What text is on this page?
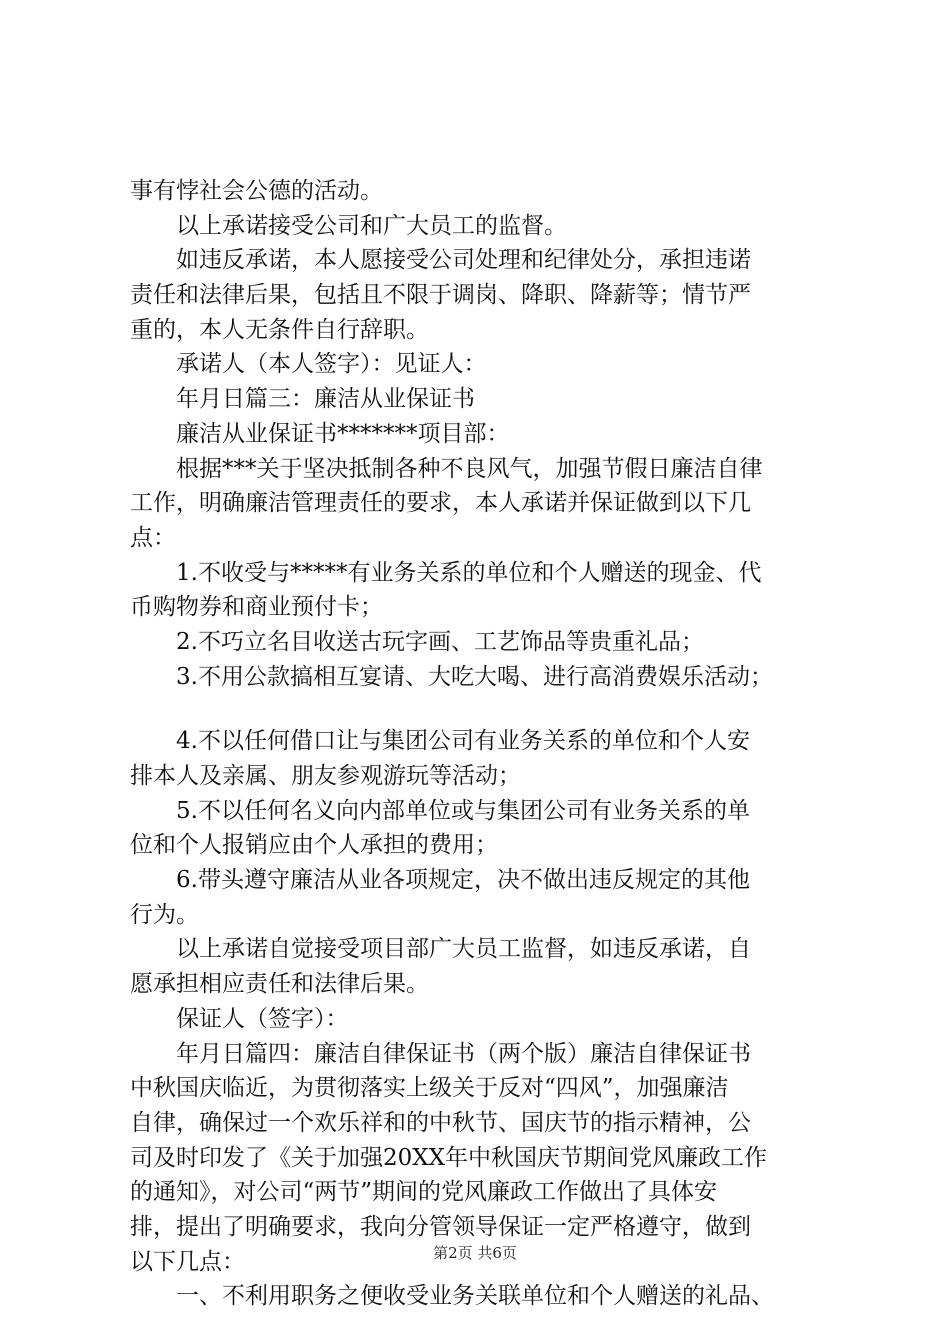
事有悖社会公德的活动。
以上承诺接受公司和广大员工的监督。
如违反承诺，本人愿接受公司处理和纪律处分，承担违诺
责任和法律后果，包括且不限于调岗、降职、降薪等；情节严
重的，本人无条件自行辞职。
承诺人（本人签字）：见证人：
年月日篇三：廉洁从业保证书
廉洁从业保证书*******项目部：
根据***关于坚决抵制各种不良风气，加强节假日廉洁自律
工作，明确廉洁管理责任的要求，本人承诺并保证做到以下几
点：
1.不收受与*****有业务关系的单位和个人赠送的现金、代
币购物券和商业预付卡；
2.不巧立名目收送古玩字画、工艺饰品等贵重礼品；
3.不用公款搞相互宴请、大吃大喝、进行高消费娱乐活动；
4.不以任何借口让与集团公司有业务关系的单位和个人安
排本人及亲属、朋友参观游玩等活动；
5.不以任何名义向内部单位或与集团公司有业务关系的单
位和个人报销应由个人承担的费用；
6.带头遵守廉洁从业各项规定，决不做出违反规定的其他
行为。
以上承诺自觉接受项目部广大员工监督，如违反承诺，自
愿承担相应责任和法律后果。
保证人（签字）：
年月日篇四：廉洁自律保证书（两个版）廉洁自律保证书
中秋国庆临近，为贯彻落实上级关于反对“四风”，加强廉洁
自律，确保过一个欢乐祥和的中秋节、国庆节的指示精神，公
司及时印发了《关于加强20XX年中秋国庆节期间党风廉政工作
的通知》，对公司“两节”期间的党风廉政工作做出了具体安
排，提出了明确要求，我向分管领导保证一定严格遵守，做到
以下几点：
一、不利用职务之便收受业务关联单位和个人赠送的礼品、
第2页 共6页
